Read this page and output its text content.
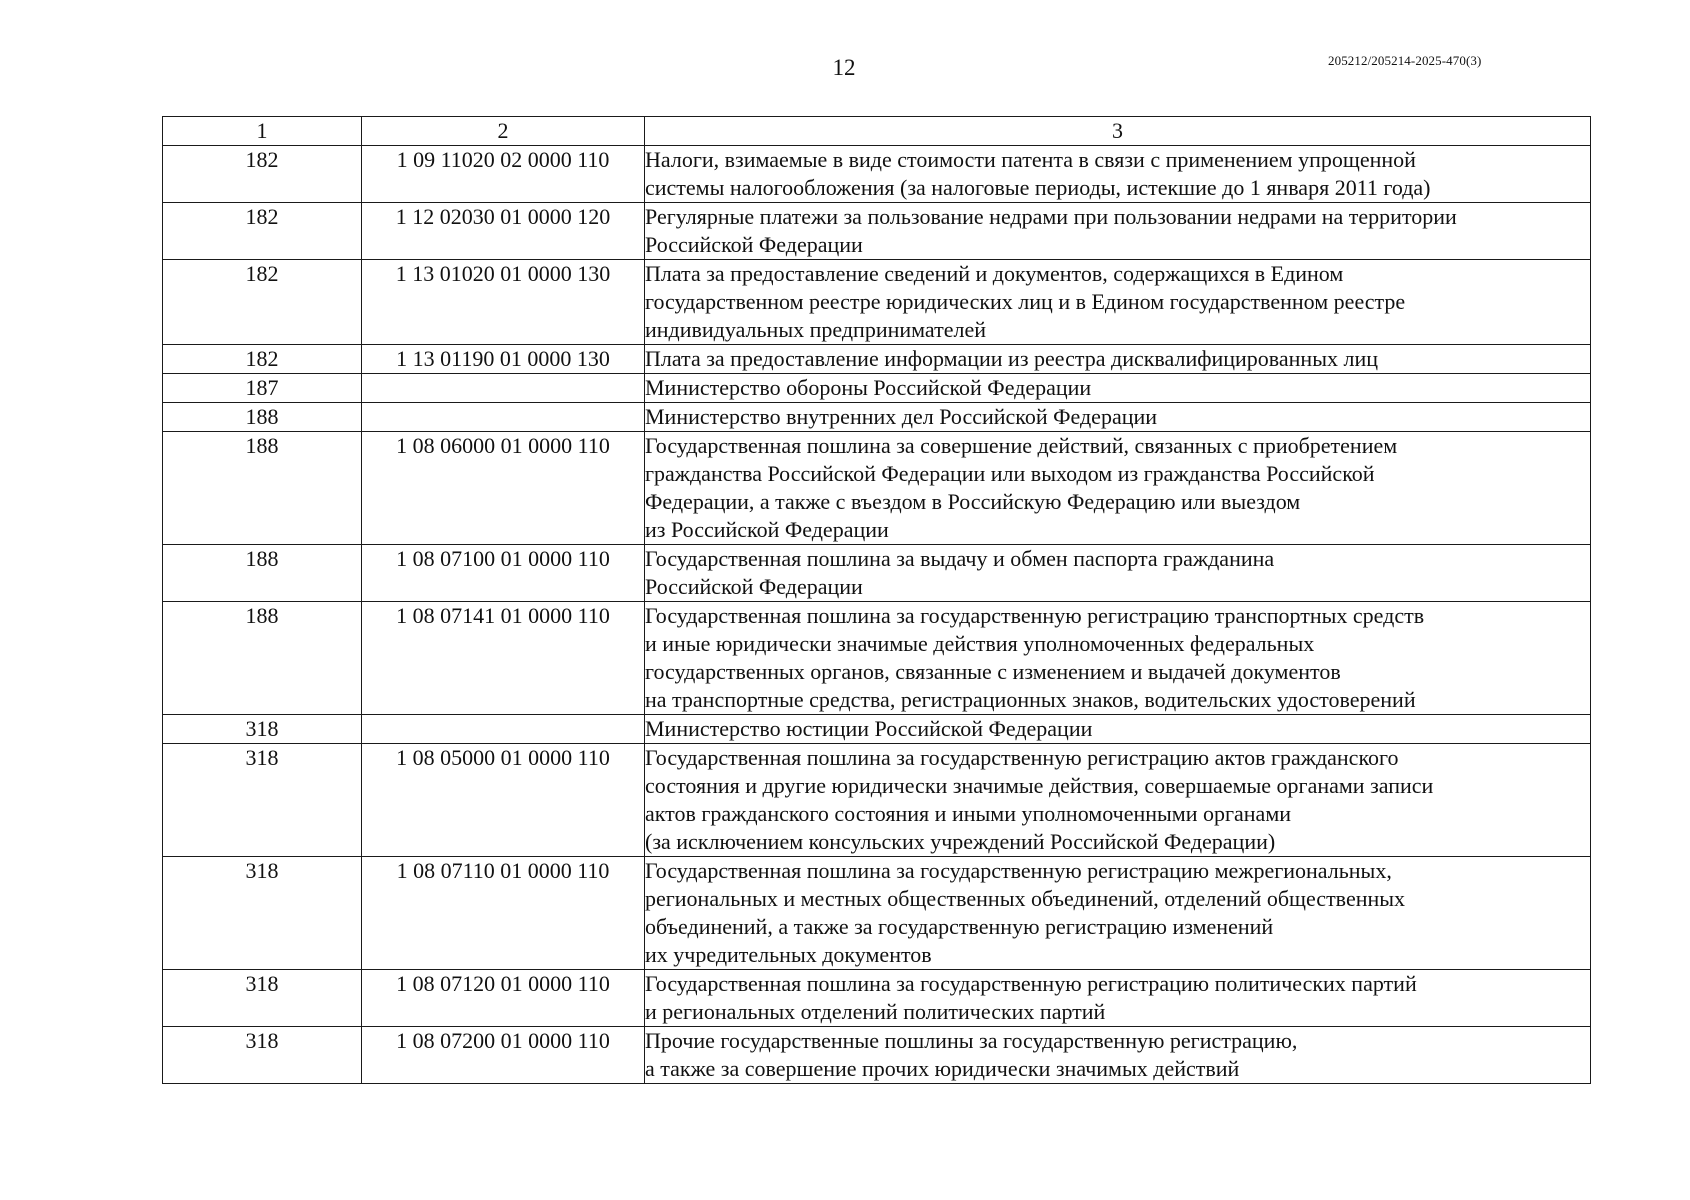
12	205212/205214-2025-470(3)
1	2	3
182	1 09 11020 02 0000 110	Налоги, взимаемые в виде стоимости патента в связи с применением упрощенной
системы налогообложения (за налоговые периоды, истекшие до 1 января 2011 года)

182	1 12 02030 01 0000 120	Регулярные платежи за пользование недрами при пользовании недрами на территории
Российской Федерации

182	1 13 01020 01 0000 130	Плата за предоставление сведений и документов, содержащихся в Едином
государственном реестре юридических лиц и в Едином государственном реестре
индивидуальных предпринимателей

182	1 13 01190 01 0000 130	Плата за предоставление информации из реестра дисквалифицированных лиц

187		Министерство обороны Российской Федерации

188		Министерство внутренних дел Российской Федерации

188	1 08 06000 01 0000 110	Государственная пошлина за совершение действий, связанных с приобретением
гражданства Российской Федерации или выходом из гражданства Российской
Федерации, а также с въездом в Российскую Федерацию или выездом
из Российской Федерации

188	1 08 07100 01 0000 110	Государственная пошлина за выдачу и обмен паспорта гражданина
Российской Федерации

188	1 08 07141 01 0000 110	Государственная пошлина за государственную регистрацию транспортных средств
и иные юридически значимые действия уполномоченных федеральных
государственных органов, связанные с изменением и выдачей документов
на транспортные средства, регистрационных знаков, водительских удостоверений

318		Министерство юстиции Российской Федерации

318	1 08 05000 01 0000 110	Государственная пошлина за государственную регистрацию актов гражданского
состояния и другие юридически значимые действия, совершаемые органами записи
актов гражданского состояния и иными уполномоченными органами
(за исключением консульских учреждений Российской Федерации)

318	1 08 07110 01 0000 110	Государственная пошлина за государственную регистрацию межрегиональных,
региональных и местных общественных объединений, отделений общественных
объединений, а также за государственную регистрацию изменений
их учредительных документов

318	1 08 07120 01 0000 110	Государственная пошлина за государственную регистрацию политических партий
и региональных отделений политических партий

318	1 08 07200 01 0000 110	Прочие государственные пошлины за государственную регистрацию,
а также за совершение прочих юридически значимых действий
